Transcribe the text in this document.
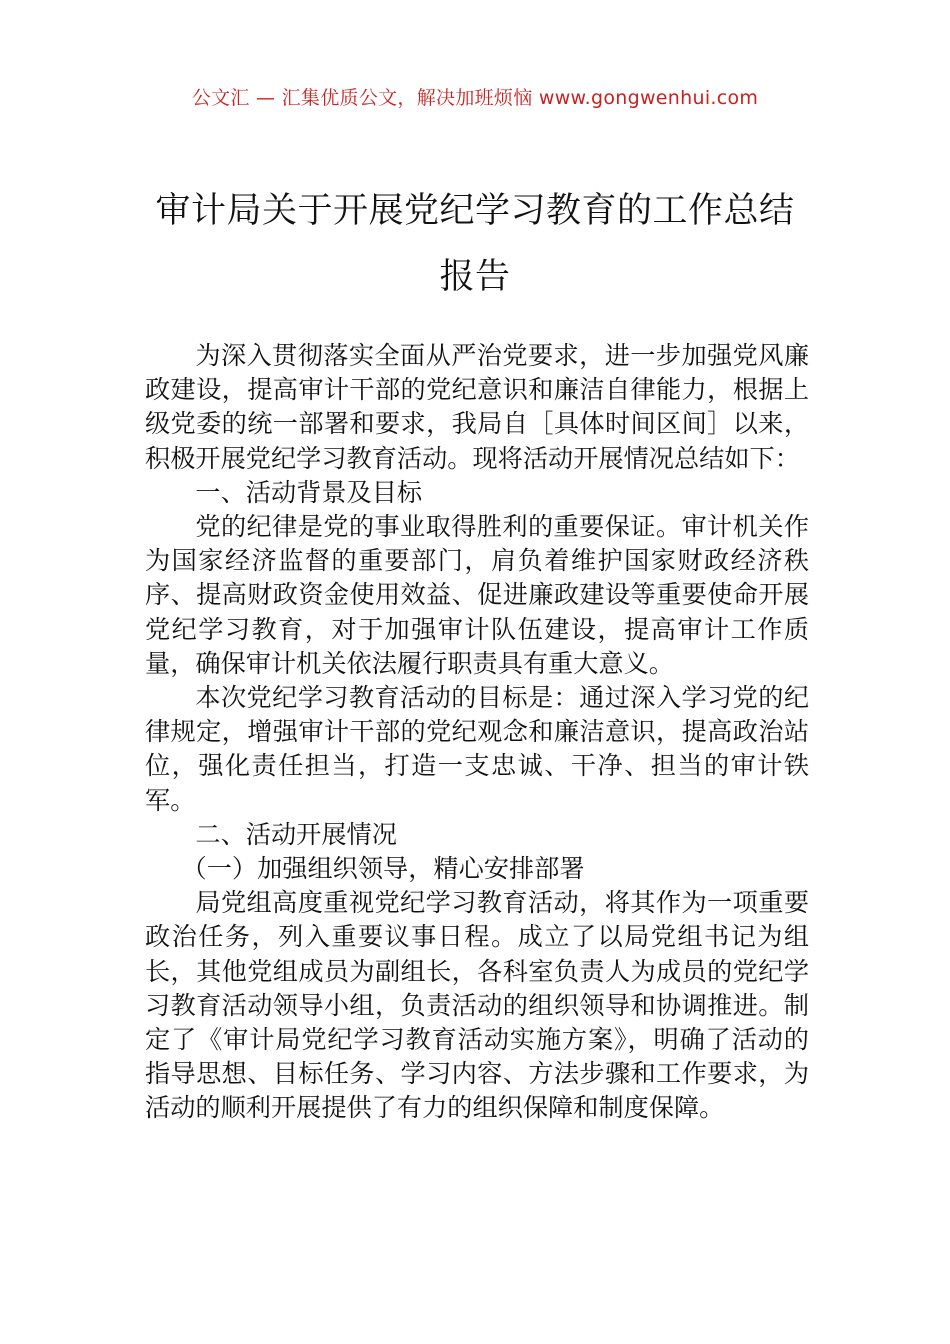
公文汇 — 汇集优质公文，解决加班烦恼 www.gongwenhui.com
审计局关于开展党纪学习教育的工作总结报告

为深入贯彻落实全面从严治党要求，进一步加强党风廉政建设，提高审计干部的党纪意识和廉洁自律能力，根据上级党委的统一部署和要求，我局自［具体时间区间］以来，积极开展党纪学习教育活动。现将活动开展情况总结如下：

一、活动背景及目标

党的纪律是党的事业取得胜利的重要保证。审计机关作为国家经济监督的重要部门，肩负着维护国家财政经济秩序、提高财政资金使用效益、促进廉政建设等重要使命开展党纪学习教育，对于加强审计队伍建设，提高审计工作质量，确保审计机关依法履行职责具有重大意义。

本次党纪学习教育活动的目标是：通过深入学习党的纪律规定，增强审计干部的党纪观念和廉洁意识，提高政治站位，强化责任担当，打造一支忠诚、干净、担当的审计铁军。

二、活动开展情况

（一）加强组织领导，精心安排部署

局党组高度重视党纪学习教育活动，将其作为一项重要政治任务，列入重要议事日程。成立了以局党组书记为组长，其他党组成员为副组长，各科室负责人为成员的党纪学习教育活动领导小组，负责活动的组织领导和协调推进。制定了《审计局党纪学习教育活动实施方案》，明确了活动的指导思想、目标任务、学习内容、方法步骤和工作要求，为活动的顺利开展提供了有力的组织保障和制度保障。
